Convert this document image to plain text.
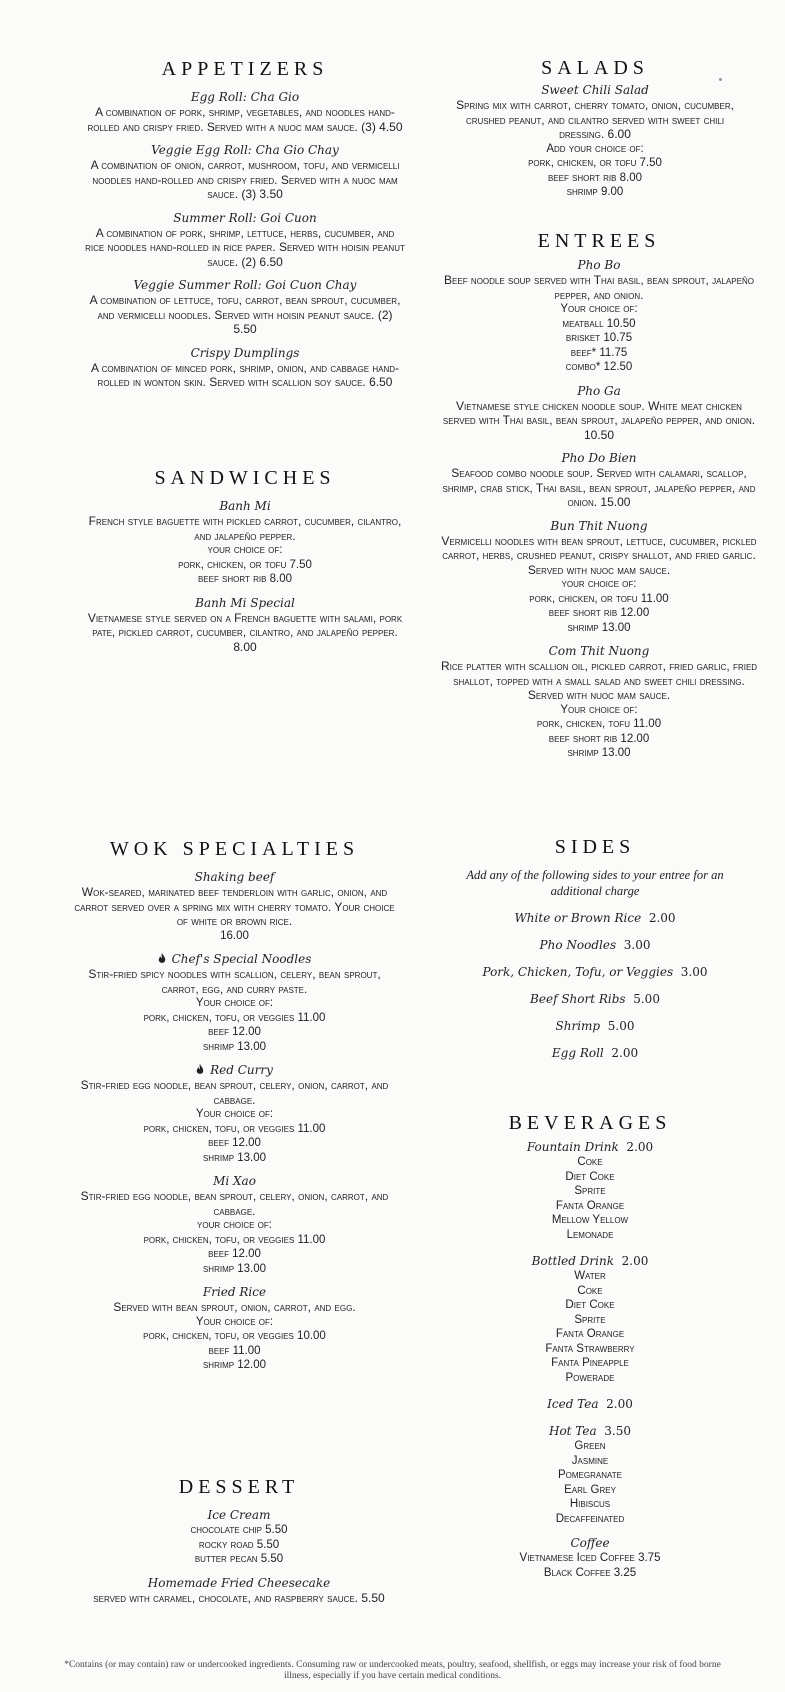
APPETIZERS
Egg Roll: Cha Gio
A combination of pork, shrimp, vegetables, and noodles hand-rolled and crispy fried. Served with a nuoc mam sauce. (3) 4.50
Veggie Egg Roll: Cha Gio Chay
A combination of onion, carrot, mushroom, tofu, and vermicelli noodles hand-rolled and crispy fried. Served with a nuoc mam sauce. (3) 3.50
Summer Roll: Goi Cuon
A combination of pork, shrimp, lettuce, herbs, cucumber, and rice noodles hand-rolled in rice paper. Served with hoisin peanut sauce. (2) 6.50
Veggie Summer Roll: Goi Cuon Chay
A combination of lettuce, tofu, carrot, bean sprout, cucumber, and vermicelli noodles. Served with hoisin peanut sauce. (2) 5.50
Crispy Dumplings
A combination of minced pork, shrimp, onion, and cabbage hand-rolled in wonton skin. Served with scallion soy sauce. 6.50
SANDWICHES
Banh Mi
French style baguette with pickled carrot, cucumber, cilantro, and jalapeño pepper.
your choice of:
pork, chicken, or tofu 7.50
beef short rib 8.00
Banh Mi Special
Vietnamese style served on a French baguette with salami, pork pate, pickled carrot, cucumber, cilantro, and jalapeño pepper. 8.00
WOK SPECIALTIES
Shaking beef
Wok-seared, marinated beef tenderloin with garlic, onion, and carrot served over a spring mix with cherry tomato. Your choice of white or brown rice.
16.00
Chef's Special Noodles
Stir-fried spicy noodles with scallion, celery, bean sprout, carrot, egg, and curry paste.
Your choice of:
pork, chicken, tofu, or veggies 11.00
beef 12.00
shrimp 13.00
Red Curry
Stir-fried egg noodle, bean sprout, celery, onion, carrot, and cabbage.
Your choice of:
pork, chicken, tofu, or veggies 11.00
beef 12.00
shrimp 13.00
Mi Xao
Stir-fried egg noodle, bean sprout, celery, onion, carrot, and cabbage.
your choice of:
pork, chicken, tofu, or veggies 11.00
beef 12.00
shrimp 13.00
Fried Rice
Served with bean sprout, onion, carrot, and egg.
Your choice of:
pork, chicken, tofu, or veggies 10.00
beef 11.00
shrimp 12.00
DESSERT
Ice Cream
chocolate chip 5.50
rocky road 5.50
butter pecan 5.50
Homemade Fried Cheesecake
served with caramel, chocolate, and raspberry sauce. 5.50
SALADS
Sweet Chili Salad
Spring mix with carrot, cherry tomato, onion, cucumber, crushed peanut, and cilantro served with sweet chili dressing. 6.00
Add your choice of:
pork, chicken, or tofu 7.50
beef short rib 8.00
shrimp 9.00
ENTREES
Pho Bo
Beef noodle soup served with Thai basil, bean sprout, jalapeño pepper, and onion.
Your choice of:
meatball 10.50
brisket 10.75
beef* 11.75
combo* 12.50
Pho Ga
Vietnamese style chicken noodle soup. White meat chicken served with Thai basil, bean sprout, jalapeño pepper, and onion. 10.50
Pho Do Bien
Seafood combo noodle soup. Served with calamari, scallop, shrimp, crab stick, Thai basil, bean sprout, jalapeño pepper, and onion. 15.00
Bun Thit Nuong
Vermicelli noodles with bean sprout, lettuce, cucumber, pickled carrot, herbs, crushed peanut, crispy shallot, and fried garlic. Served with nuoc mam sauce.
your choice of:
pork, chicken, or tofu 11.00
beef short rib 12.00
shrimp 13.00
Com Thit Nuong
Rice platter with scallion oil, pickled carrot, fried garlic, fried shallot, topped with a small salad and sweet chili dressing. Served with nuoc mam sauce.
Your choice of:
pork, chicken, tofu 11.00
beef short rib 12.00
shrimp 13.00
SIDES
Add any of the following sides to your entree for an additional charge
White or Brown Rice 2.00
Pho Noodles 3.00
Pork, Chicken, Tofu, or Veggies 3.00
Beef Short Ribs 5.00
Shrimp 5.00
Egg Roll 2.00
BEVERAGES
Fountain Drink 2.00
Coke
Diet Coke
Sprite
Fanta Orange
Mellow Yellow
Lemonade
Bottled Drink 2.00
Water
Coke
Diet Coke
Sprite
Fanta Orange
Fanta Strawberry
Fanta Pineapple
Powerade
Iced Tea 2.00
Hot Tea 3.50
Green
Jasmine
Pomegranate
Earl Grey
Hibiscus
Decaffeinated
Coffee
Vietnamese Iced Coffee 3.75
Black Coffee 3.25
*Contains (or may contain) raw or undercooked ingredients. Consuming raw or undercooked meats, poultry, seafood, shellfish, or eggs may increase your risk of food borne illness, especially if you have certain medical conditions.
